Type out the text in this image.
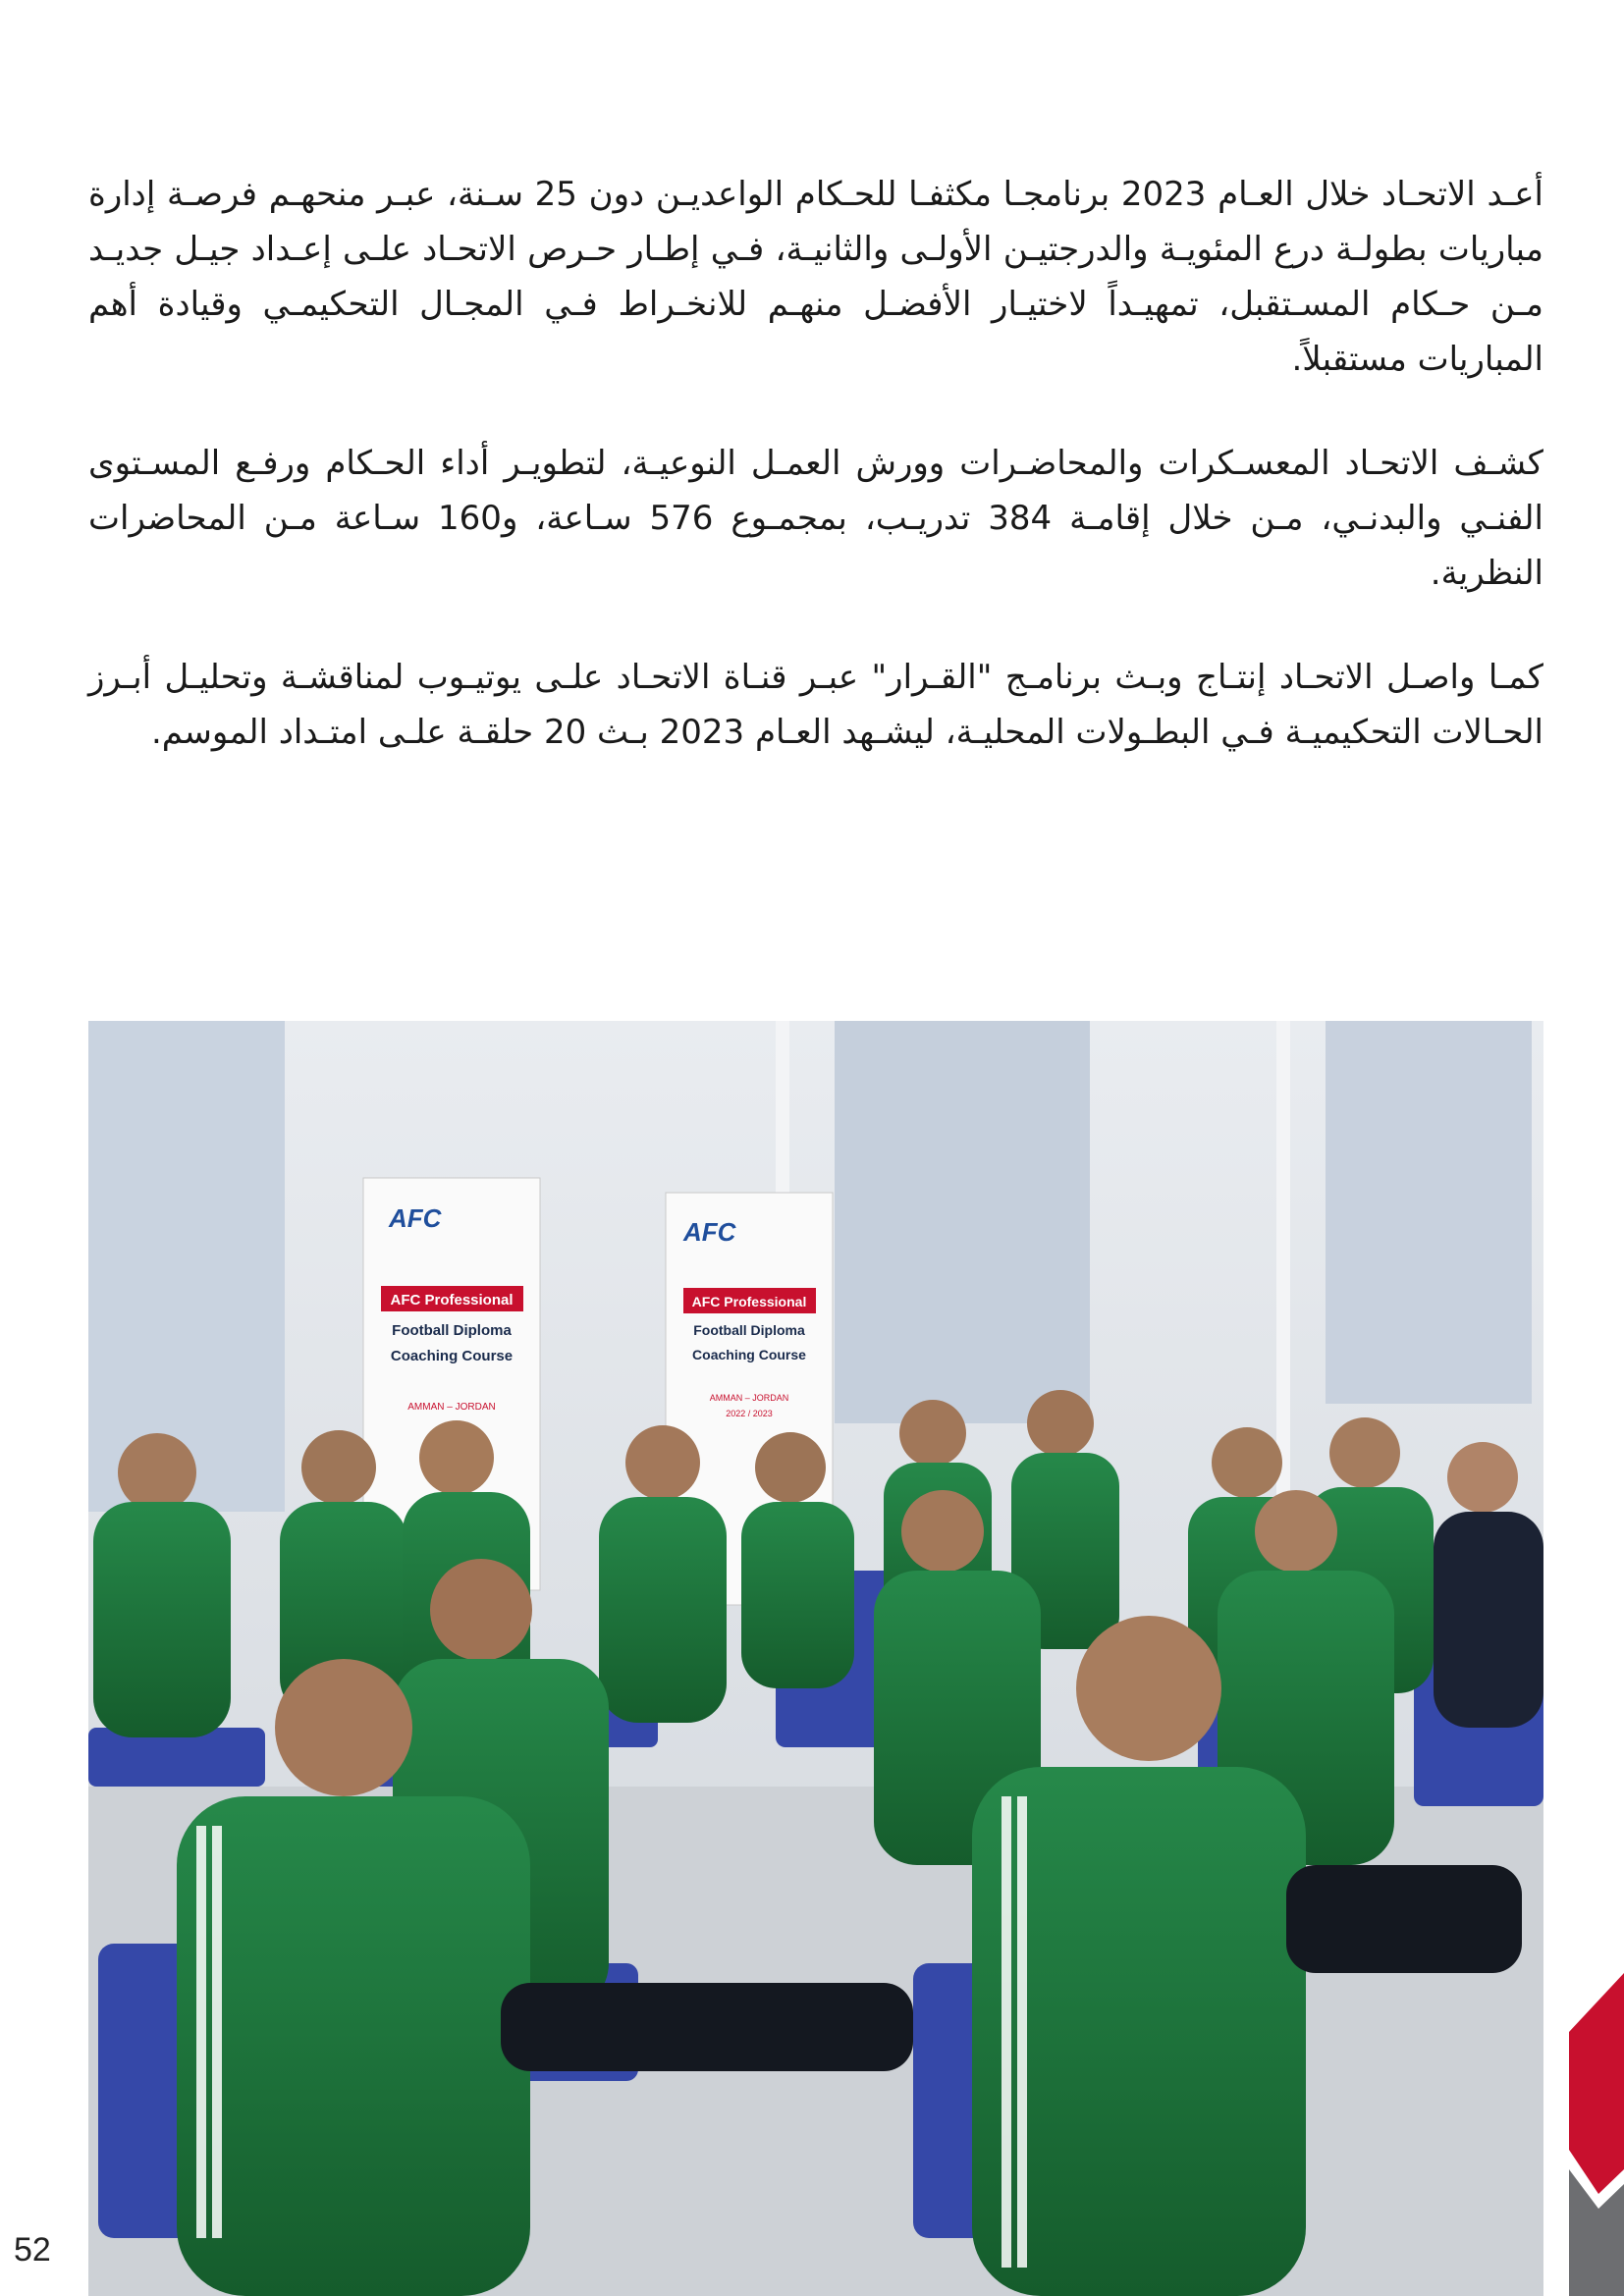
أعـد الاتحـاد خلال العـام 2023 برنامجـا مكثفـا للحـكام الواعديـن دون 25 سـنة، عبـر منحهـم فرصـة إدارة مباريات بطولـة درع المئويـة والدرجتيـن الأولـى والثانيـة، فـي إطـار حـرص الاتحـاد علـى إعـداد جيـل جديـد مـن حـكام المسـتقبل، تمهيـداً لاختيـار الأفضـل منهـم للانخـراط فـي المجـال التحكيمـي وقيادة أهم المباريات مستقبلاً.

كشـف الاتحـاد المعسـكرات والمحاضـرات وورش العمـل النوعيـة، لتطويـر أداء الحـكام ورفـع المسـتوى الفنـي والبدنـي، مـن خلال إقامـة 384 تدريـب، بمجمـوع 576 سـاعة، و160 سـاعة مـن المحاضرات النظرية.

كمـا واصـل الاتحـاد إنتـاج وبـث برنامـج "القـرار" عبـر قنـاة الاتحـاد علـى يوتيـوب لمناقشـة وتحليـل أبـرز الحـالات التحكيميـة فـي البطـولات المحليـة، ليشـهد العـام 2023 بـث 20 حلقـة علـى امتـداد الموسم.

AFC
AFC Professional
Football Diploma
Coaching Course
AMMAN – JORDAN
AFC
AFC Professional
Football Diploma
Coaching Course
AMMAN – JORDAN
2022 / 2023
52
